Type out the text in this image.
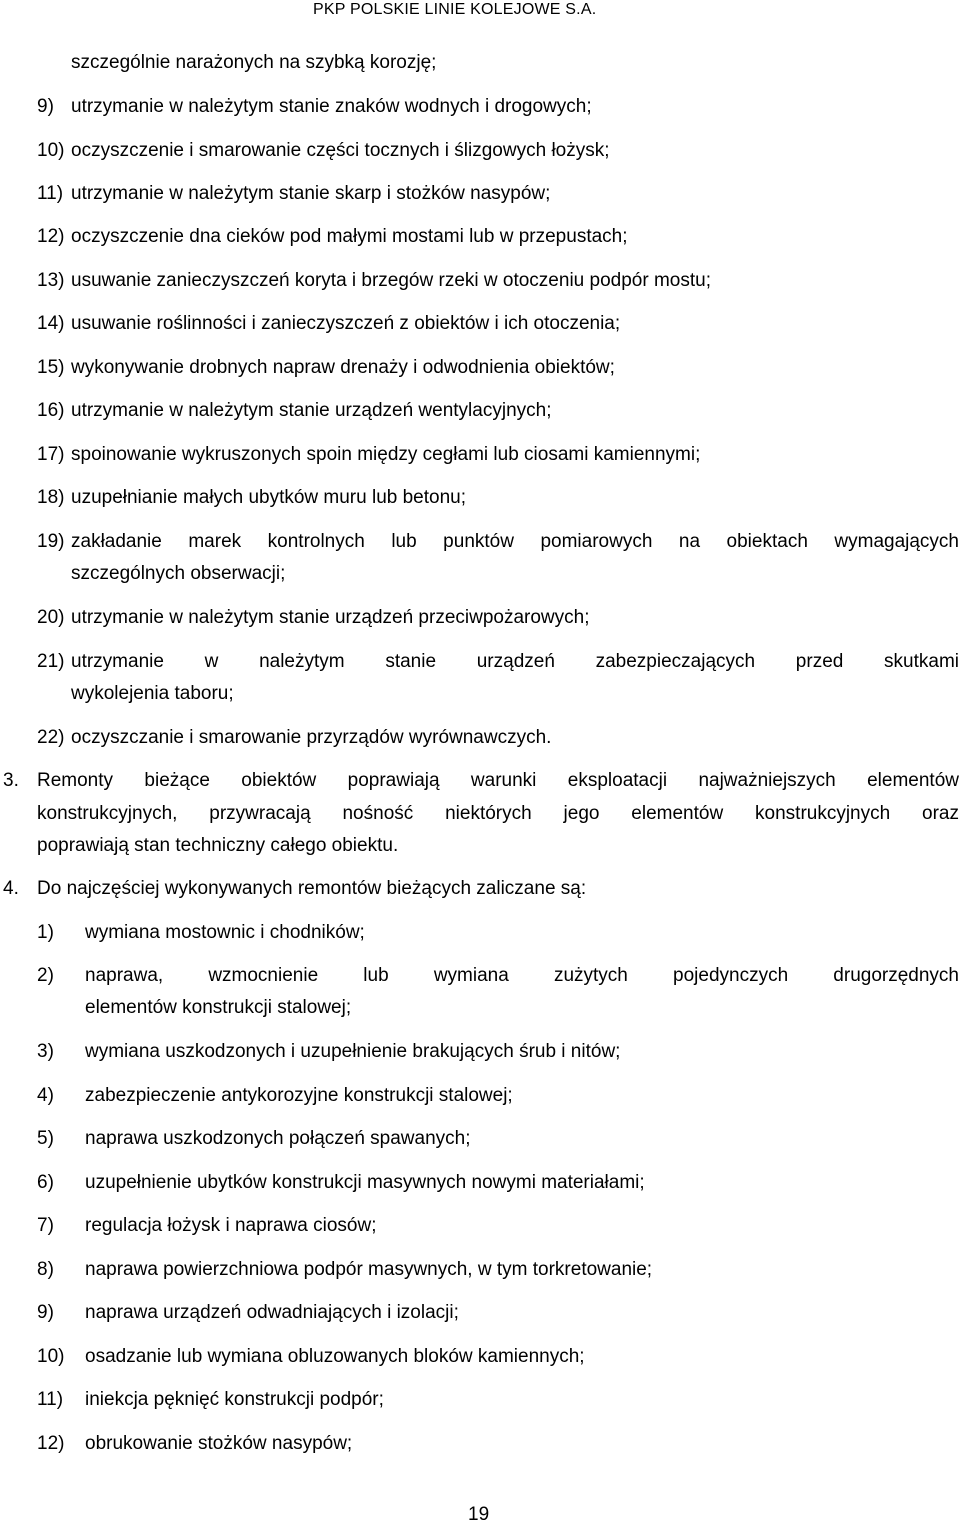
PKP POLSKIE LINIE KOLEJOWE S.A.
szczególnie narażonych na szybką korozję;
9) utrzymanie w należytym stanie znaków wodnych i drogowych;
10) oczyszczenie i smarowanie części tocznych i ślizgowych łożysk;
11) utrzymanie w należytym stanie skarp i stożków nasypów;
12) oczyszczenie dna cieków pod małymi mostami lub w przepustach;
13) usuwanie zanieczyszczeń koryta i brzegów rzeki w otoczeniu podpór mostu;
14) usuwanie roślinności i zanieczyszczeń z obiektów i ich otoczenia;
15) wykonywanie drobnych napraw drenaży i odwodnienia obiektów;
16) utrzymanie w należytym stanie urządzeń wentylacyjnych;
17) spoinowanie wykruszonych spoin między cegłami lub ciosami kamiennymi;
18) uzupełnianie małych ubytków muru lub betonu;
19) zakładanie marek kontrolnych lub punktów pomiarowych na obiektach wymagających
szczególnych obserwacji;
20) utrzymanie w należytym stanie urządzeń przeciwpożarowych;
21) utrzymanie w należytym stanie urządzeń zabezpieczających przed skutkami
wykolejenia taboru;
22) oczyszczanie i smarowanie przyrządów wyrównawczych.
3. Remonty bieżące obiektów poprawiają warunki eksploatacji najważniejszych elementów
konstrukcyjnych, przywracają nośność niektórych jego elementów konstrukcyjnych oraz
poprawiają stan techniczny całego obiektu.
4. Do najczęściej wykonywanych remontów bieżących zaliczane są:
1) wymiana mostownic i chodników;
2) naprawa, wzmocnienie lub wymiana zużytych pojedynczych drugorzędnych
elementów konstrukcji stalowej;
3) wymiana uszkodzonych i uzupełnienie brakujących śrub i nitów;
4) zabezpieczenie antykorozyjne konstrukcji stalowej;
5) naprawa uszkodzonych połączeń spawanych;
6) uzupełnienie ubytków konstrukcji masywnych nowymi materiałami;
7) regulacja łożysk i naprawa ciosów;
8) naprawa powierzchniowa podpór masywnych, w tym torkretowanie;
9) naprawa urządzeń odwadniających i izolacji;
10) osadzanie lub wymiana obluzowanych bloków kamiennych;
11) iniekcja pęknięć konstrukcji podpór;
12) obrukowanie stożków nasypów;
19
